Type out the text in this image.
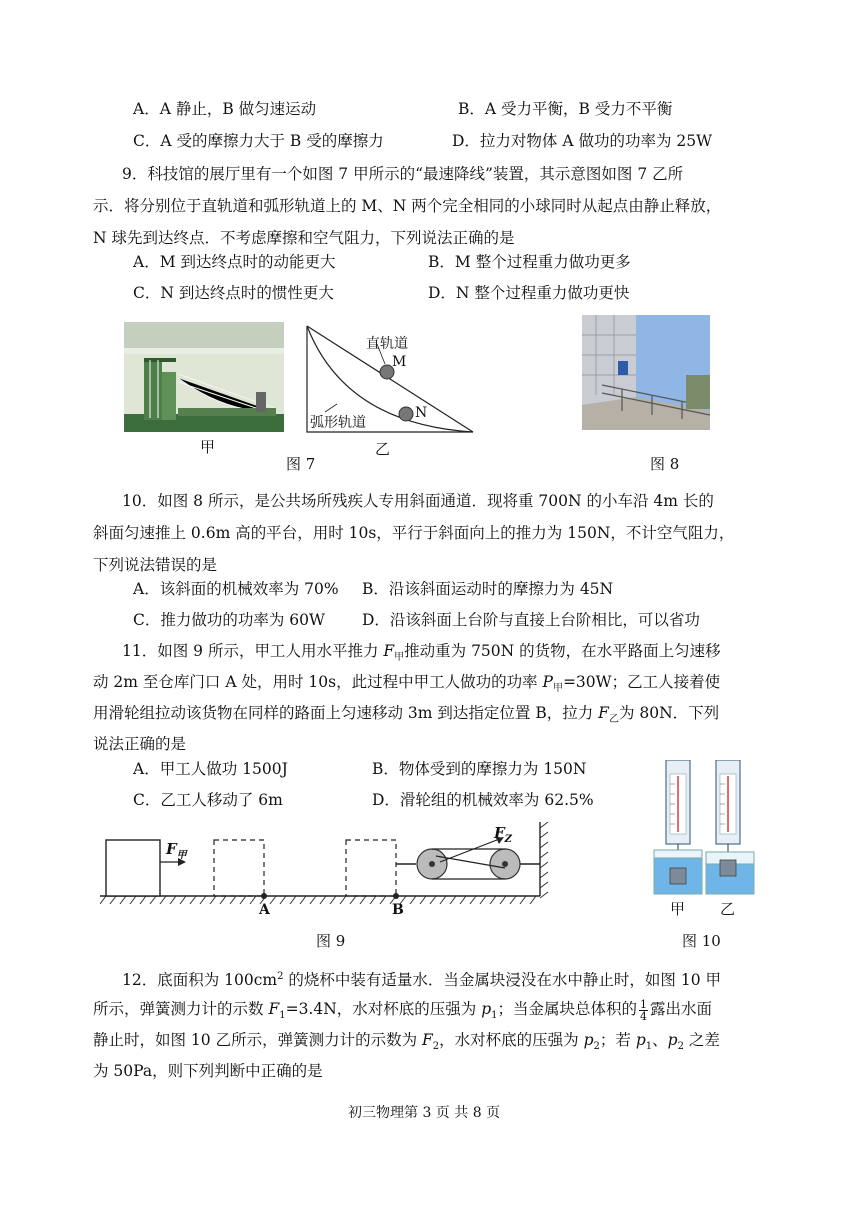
A．A 静止，B 做匀速运动	B．A 受力平衡，B 受力不平衡
C．A 受的摩擦力大于 B 受的摩擦力	D．拉力对物体 A 做功的功率为 25W
9．科技馆的展厅里有一个如图 7 甲所示的“最速降线”装置，其示意图如图 7 乙所
示．将分别位于直轨道和弧形轨道上的 M、N 两个完全相同的小球同时从起点由静止释放，
N 球先到达终点．不考虑摩擦和空气阻力，下列说法正确的是
A．M 到达终点时的动能更大	B．M 整个过程重力做功更多
C．N 到达终点时的惯性更大	D．N 整个过程重力做功更快
甲
直轨道
M
N
弧形轨道
乙
图 7	图 8
10．如图 8 所示，是公共场所残疾人专用斜面通道．现将重 700N 的小车沿 4m 长的
斜面匀速推上 0.6m 高的平台，用时 10s，平行于斜面向上的推力为 150N，不计空气阻力，
下列说法错误的是
A．该斜面的机械效率为 70% B．沿该斜面运动时的摩擦力为 45N
C．推力做功的功率为 60W D．沿该斜面上台阶与直接上台阶相比，可以省功
11．如图 9 所示，甲工人用水平推力 $F_甲$推动重为 750N 的货物，在水平路面上匀速移
动 2m 至仓库门口 A 处，用时 10s，此过程中甲工人做功的功率 $P_甲=30W$；乙工人接着使
用滑轮组拉动该货物在同样的路面上匀速移动 3m 到达指定位置 B，拉力 $F_乙$为 80N．下列
说法正确的是
A．甲工人做功 1500J	B．物体受到的摩擦力为 150N
C．乙工人移动了 6m	D．滑轮组的机械效率为 62.5%
$F_甲$
$F_Z$
A	B
图 9
甲 乙
图 10
12．底面积为 $100cm^2$ 的烧杯中装有适量水．当金属块浸没在水中静止时，如图 10 甲
所示，弹簧测力计的示数 $F_1=3.4N$，水对杯底的压强为 $p_1$；当金属块总体积的 $\frac{1}{4}$ 露出水面
静止时，如图 10 乙所示，弹簧测力计的示数为 $F_2$，水对杯底的压强为 $p_2$；若 $p_1$、$p_2$ 之差
为 50Pa，则下列判断中正确的是
初三物理第 3 页 共 8 页
